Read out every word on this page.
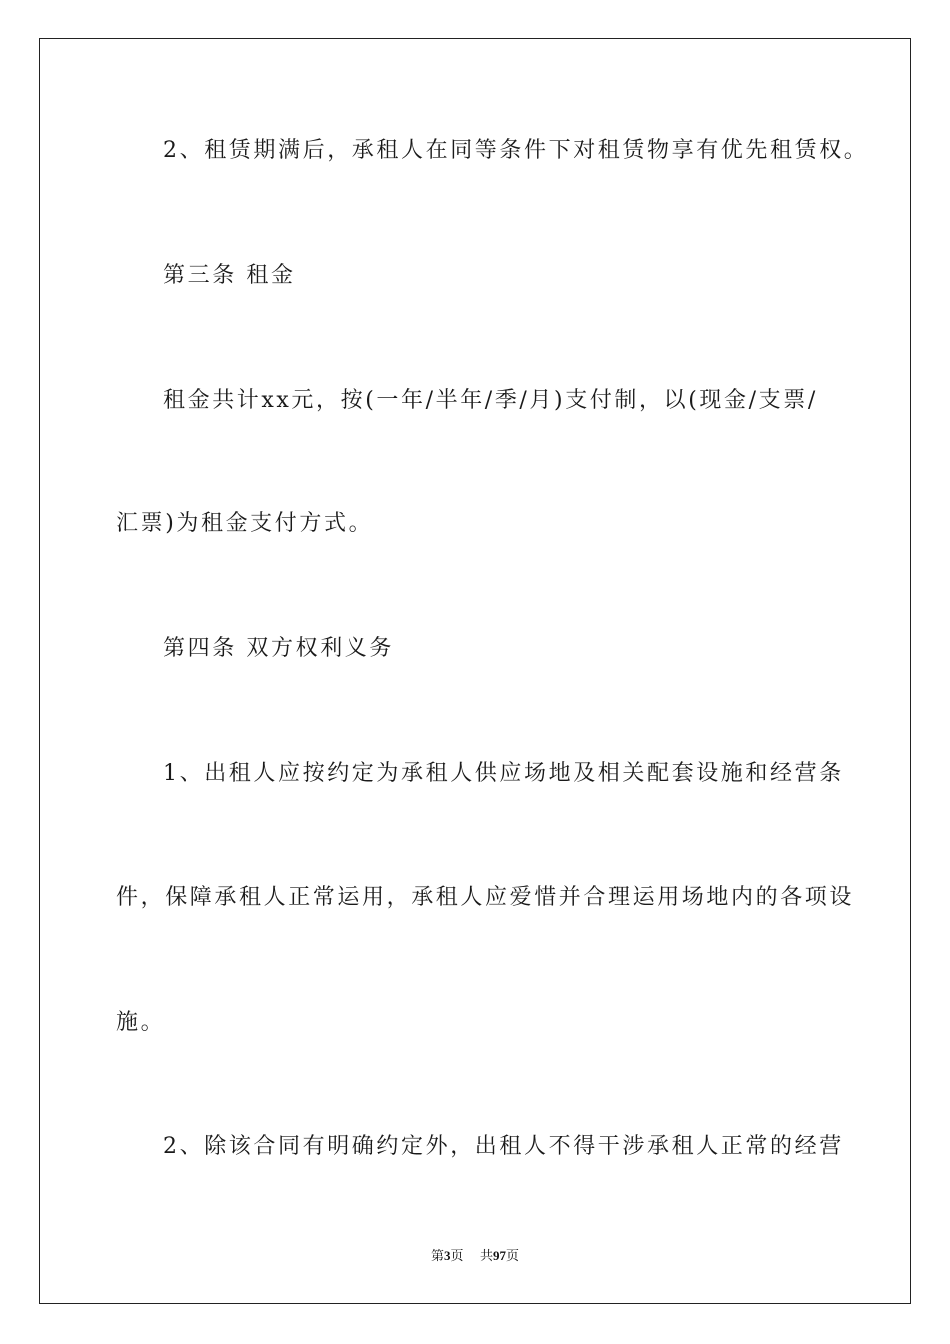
2、租赁期满后，承租人在同等条件下对租赁物享有优先租赁权。
第三条 租金
租金共计xx元，按(一年/半年/季/月)支付制，以(现金/支票/
汇票)为租金支付方式。
第四条 双方权利义务
1、出租人应按约定为承租人供应场地及相关配套设施和经营条
件，保障承租人正常运用，承租人应爱惜并合理运用场地内的各项设
施。
2、除该合同有明确约定外，出租人不得干涉承租人正常的经营
第3页 共97页
